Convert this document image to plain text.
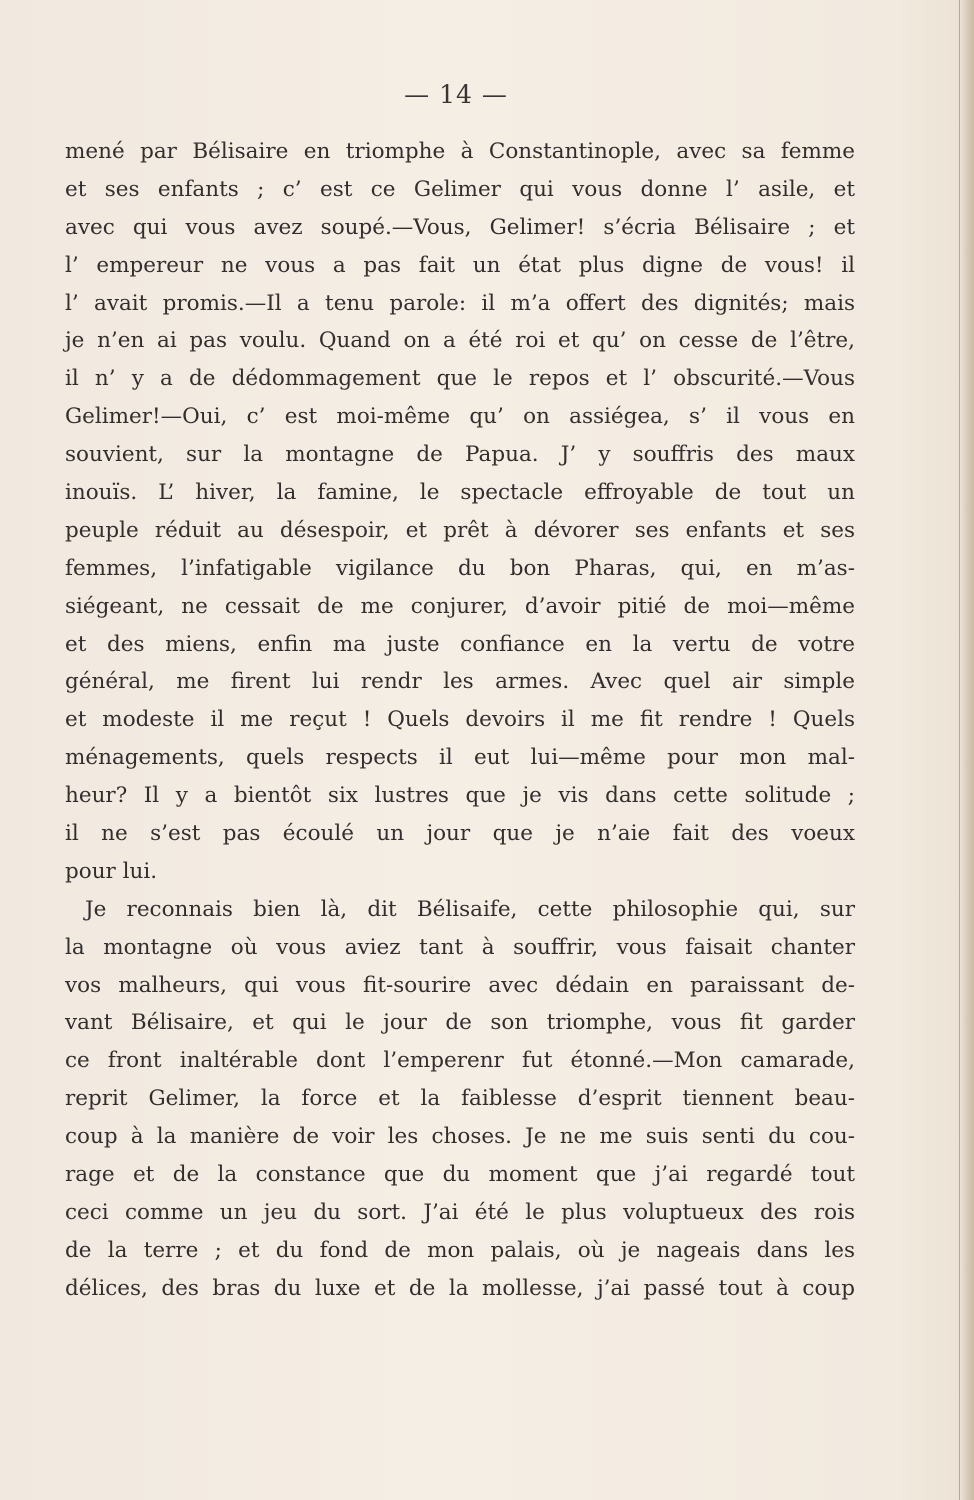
— 14 —
mené par Bélisaire en triomphe à Constantinople, avec sa femme
et ses enfants ; c’ est ce Gelimer qui vous donne l’ asile, et
avec qui vous avez soupé.—Vous, Gelimer! s’écria Bélisaire ; et
l’ empereur ne vous a pas fait un état plus digne de vous! il
l’ avait promis.—Il a tenu parole: il m’a offert des dignités; mais
je n’en ai pas voulu. Quand on a été roi et qu’ on cesse de l’être,
il n’ y a de dédommagement que le repos et l’ obscurité.—Vous
Gelimer!—Oui, c’ est moi-même qu’ on assiégea, s’ il vous en
souvient, sur la montagne de Papua. J’ y souffris des maux
inouïs. L’ hiver, la famine, le spectacle effroyable de tout un
peuple réduit au désespoir, et prêt à dévorer ses enfants et ses
femmes, l’infatigable vigilance du bon Pharas, qui, en m’as-
siégeant, ne cessait de me conjurer, d’avoir pitié de moi—même
et des miens, enfin ma juste confiance en la vertu de votre
général, me firent lui rendr les armes. Avec quel air simple
et modeste il me reçut ! Quels devoirs il me fit rendre ! Quels
ménagements, quels respects il eut lui—même pour mon mal-
heur? Il y a bientôt six lustres que je vis dans cette solitude ;
il ne s’est pas écoulé un jour que je n’aie fait des voeux
pour lui.
Je reconnais bien là, dit Bélisaife, cette philosophie qui, sur
la montagne où vous aviez tant à souffrir, vous faisait chanter
vos malheurs, qui vous fit-sourire avec dédain en paraissant de-
vant Bélisaire, et qui le jour de son triomphe, vous fit garder
ce front inaltérable dont l’emperenr fut étonné.—Mon camarade,
reprit Gelimer, la force et la faiblesse d’esprit tiennent beau-
coup à la manière de voir les choses. Je ne me suis senti du cou-
rage et de la constance que du moment que j’ai regardé tout
ceci comme un jeu du sort. J’ai été le plus voluptueux des rois
de la terre ; et du fond de mon palais, où je nageais dans les
délices, des bras du luxe et de la mollesse, j’ai passé tout à coup
